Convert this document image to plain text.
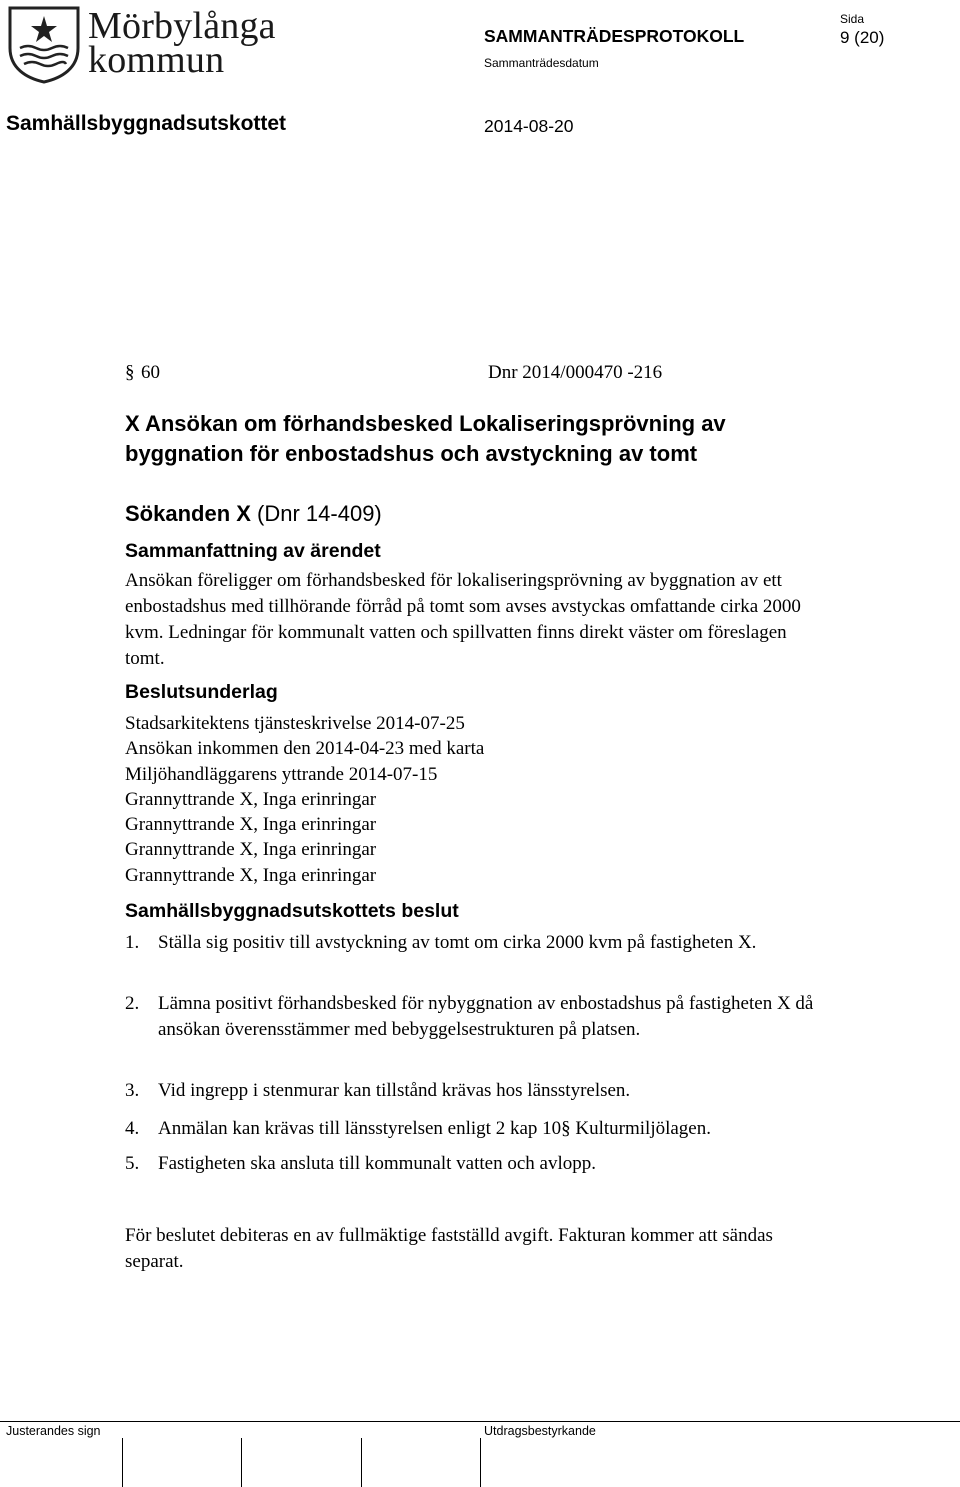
Mörbylånga
kommun
SAMMANTRÄDESPROTOKOLL
Sida
9 (20)
Sammanträdesdatum
Samhällsbyggnadsutskottet	2014-08-20
§ 60	Dnr 2014/000470 -216
X Ansökan om förhandsbesked Lokaliseringsprövning av byggnation för enbostadshus och avstyckning av tomt
Sökanden X (Dnr 14-409)
Sammanfattning av ärendet
Ansökan föreligger om förhandsbesked för lokaliseringsprövning av byggnation av ett enbostadshus med tillhörande förråd på tomt som avses avstyckas omfattande cirka 2000 kvm. Ledningar för kommunalt vatten och spillvatten finns direkt väster om föreslagen tomt.
Beslutsunderlag
Stadsarkitektens tjänsteskrivelse 2014-07-25
Ansökan inkommen den 2014-04-23 med karta
Miljöhandläggarens yttrande 2014-07-15
Grannyttrande X, Inga erinringar
Grannyttrande X, Inga erinringar
Grannyttrande X, Inga erinringar
Grannyttrande X, Inga erinringar
Samhällsbyggnadsutskottets beslut
1. Ställa sig positiv till avstyckning av tomt om cirka 2000 kvm på fastigheten X.
2. Lämna positivt förhandsbesked för nybyggnation av enbostadshus på fastigheten X då ansökan överensstämmer med bebyggelsestrukturen på platsen.
3. Vid ingrepp i stenmurar kan tillstånd krävas hos länsstyrelsen.
4. Anmälan kan krävas till länsstyrelsen enligt 2 kap 10§ Kulturmiljölagen.
5. Fastigheten ska ansluta till kommunalt vatten och avlopp.
För beslutet debiteras en av fullmäktige fastställd avgift. Fakturan kommer att sändas separat.
Justerandes sign	Utdragsbestyrkande
